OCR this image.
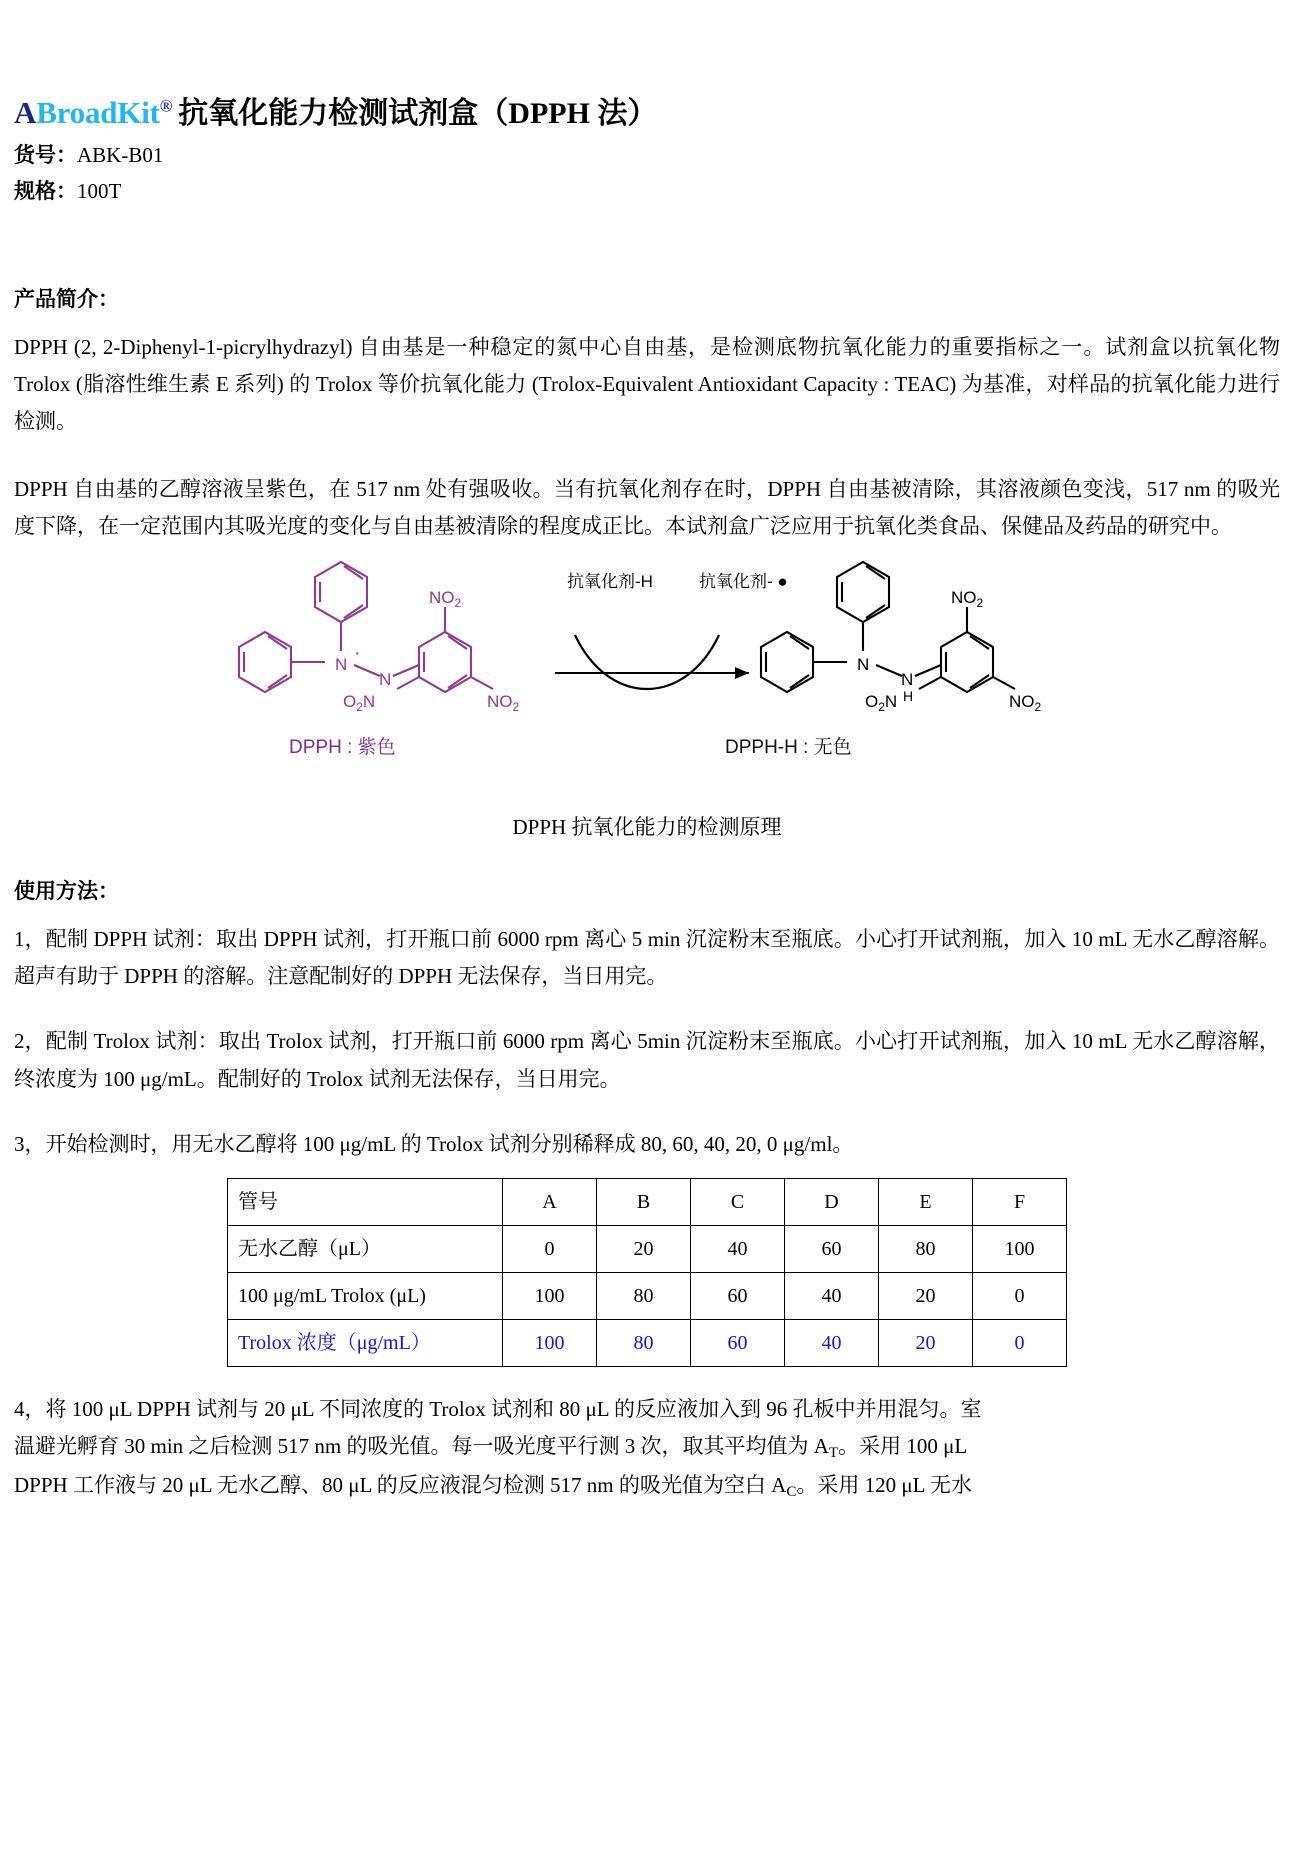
ABroadKit® 抗氧化能力检测试剂盒（DPPH 法）

货号：ABK-B01

规格：100T

产品简介：

DPPH (2, 2-Diphenyl-1-picrylhydrazyl) 自由基是一种稳定的氮中心自由基，是检测底物抗氧化能力的重要指标之一。试剂盒以抗氧化物 Trolox (脂溶性维生素 E 系列) 的 Trolox 等价抗氧化能力 (Trolox-Equivalent Antioxidant Capacity : TEAC) 为基准，对样品的抗氧化能力进行检测。

DPPH 自由基的乙醇溶液呈紫色，在 517 nm 处有强吸收。当有抗氧化剂存在时，DPPH 自由基被清除，其溶液颜色变浅，517 nm 的吸光度下降，在一定范围内其吸光度的变化与自由基被清除的程度成正比。本试剂盒广泛应用于抗氧化类食品、保健品及药品的研究中。

N
N
·
$NO_2$
$NO_2$
$O_2N$
抗氧化剂-H	抗氧化剂- ●
N
N
H
$NO_2$
$NO_2$
$O_2N$
DPPH : 紫色	DPPH-H : 无色

DPPH 抗氧化能力的检测原理

使用方法：

1，配制 DPPH 试剂：取出 DPPH 试剂，打开瓶口前 6000 rpm 离心 5 min 沉淀粉末至瓶底。小心打开试剂瓶，加入 10 mL 无水乙醇溶解。超声有助于 DPPH 的溶解。注意配制好的 DPPH 无法保存，当日用完。

2，配制 Trolox 试剂：取出 Trolox 试剂，打开瓶口前 6000 rpm 离心 5min 沉淀粉末至瓶底。小心打开试剂瓶，加入 10 mL 无水乙醇溶解，终浓度为 100 μg/mL。配制好的 Trolox 试剂无法保存，当日用完。

3，开始检测时，用无水乙醇将 100 μg/mL 的 Trolox 试剂分别稀释成 80, 60, 40, 20, 0 μg/ml。

管号	A	B	C	D	E	F
无水乙醇（μL）	0	20	40	60	80	100
100 μg/mL Trolox (μL)	100	80	60	40	20	0
Trolox 浓度（μg/mL）	100	80	60	40	20	0

4，将 100 μL DPPH 试剂与 20 μL 不同浓度的 Trolox 试剂和 80 μL 的反应液加入到 96 孔板中并用混匀。室

温避光孵育 30 min 之后检测 517 nm 的吸光值。每一吸光度平行测 3 次，取其平均值为 $A_T$。采用 100 μL

DPPH 工作液与 20 μL 无水乙醇、80 μL 的反应液混匀检测 517 nm 的吸光值为空白 $A_C$。采用 120 μL 无水
